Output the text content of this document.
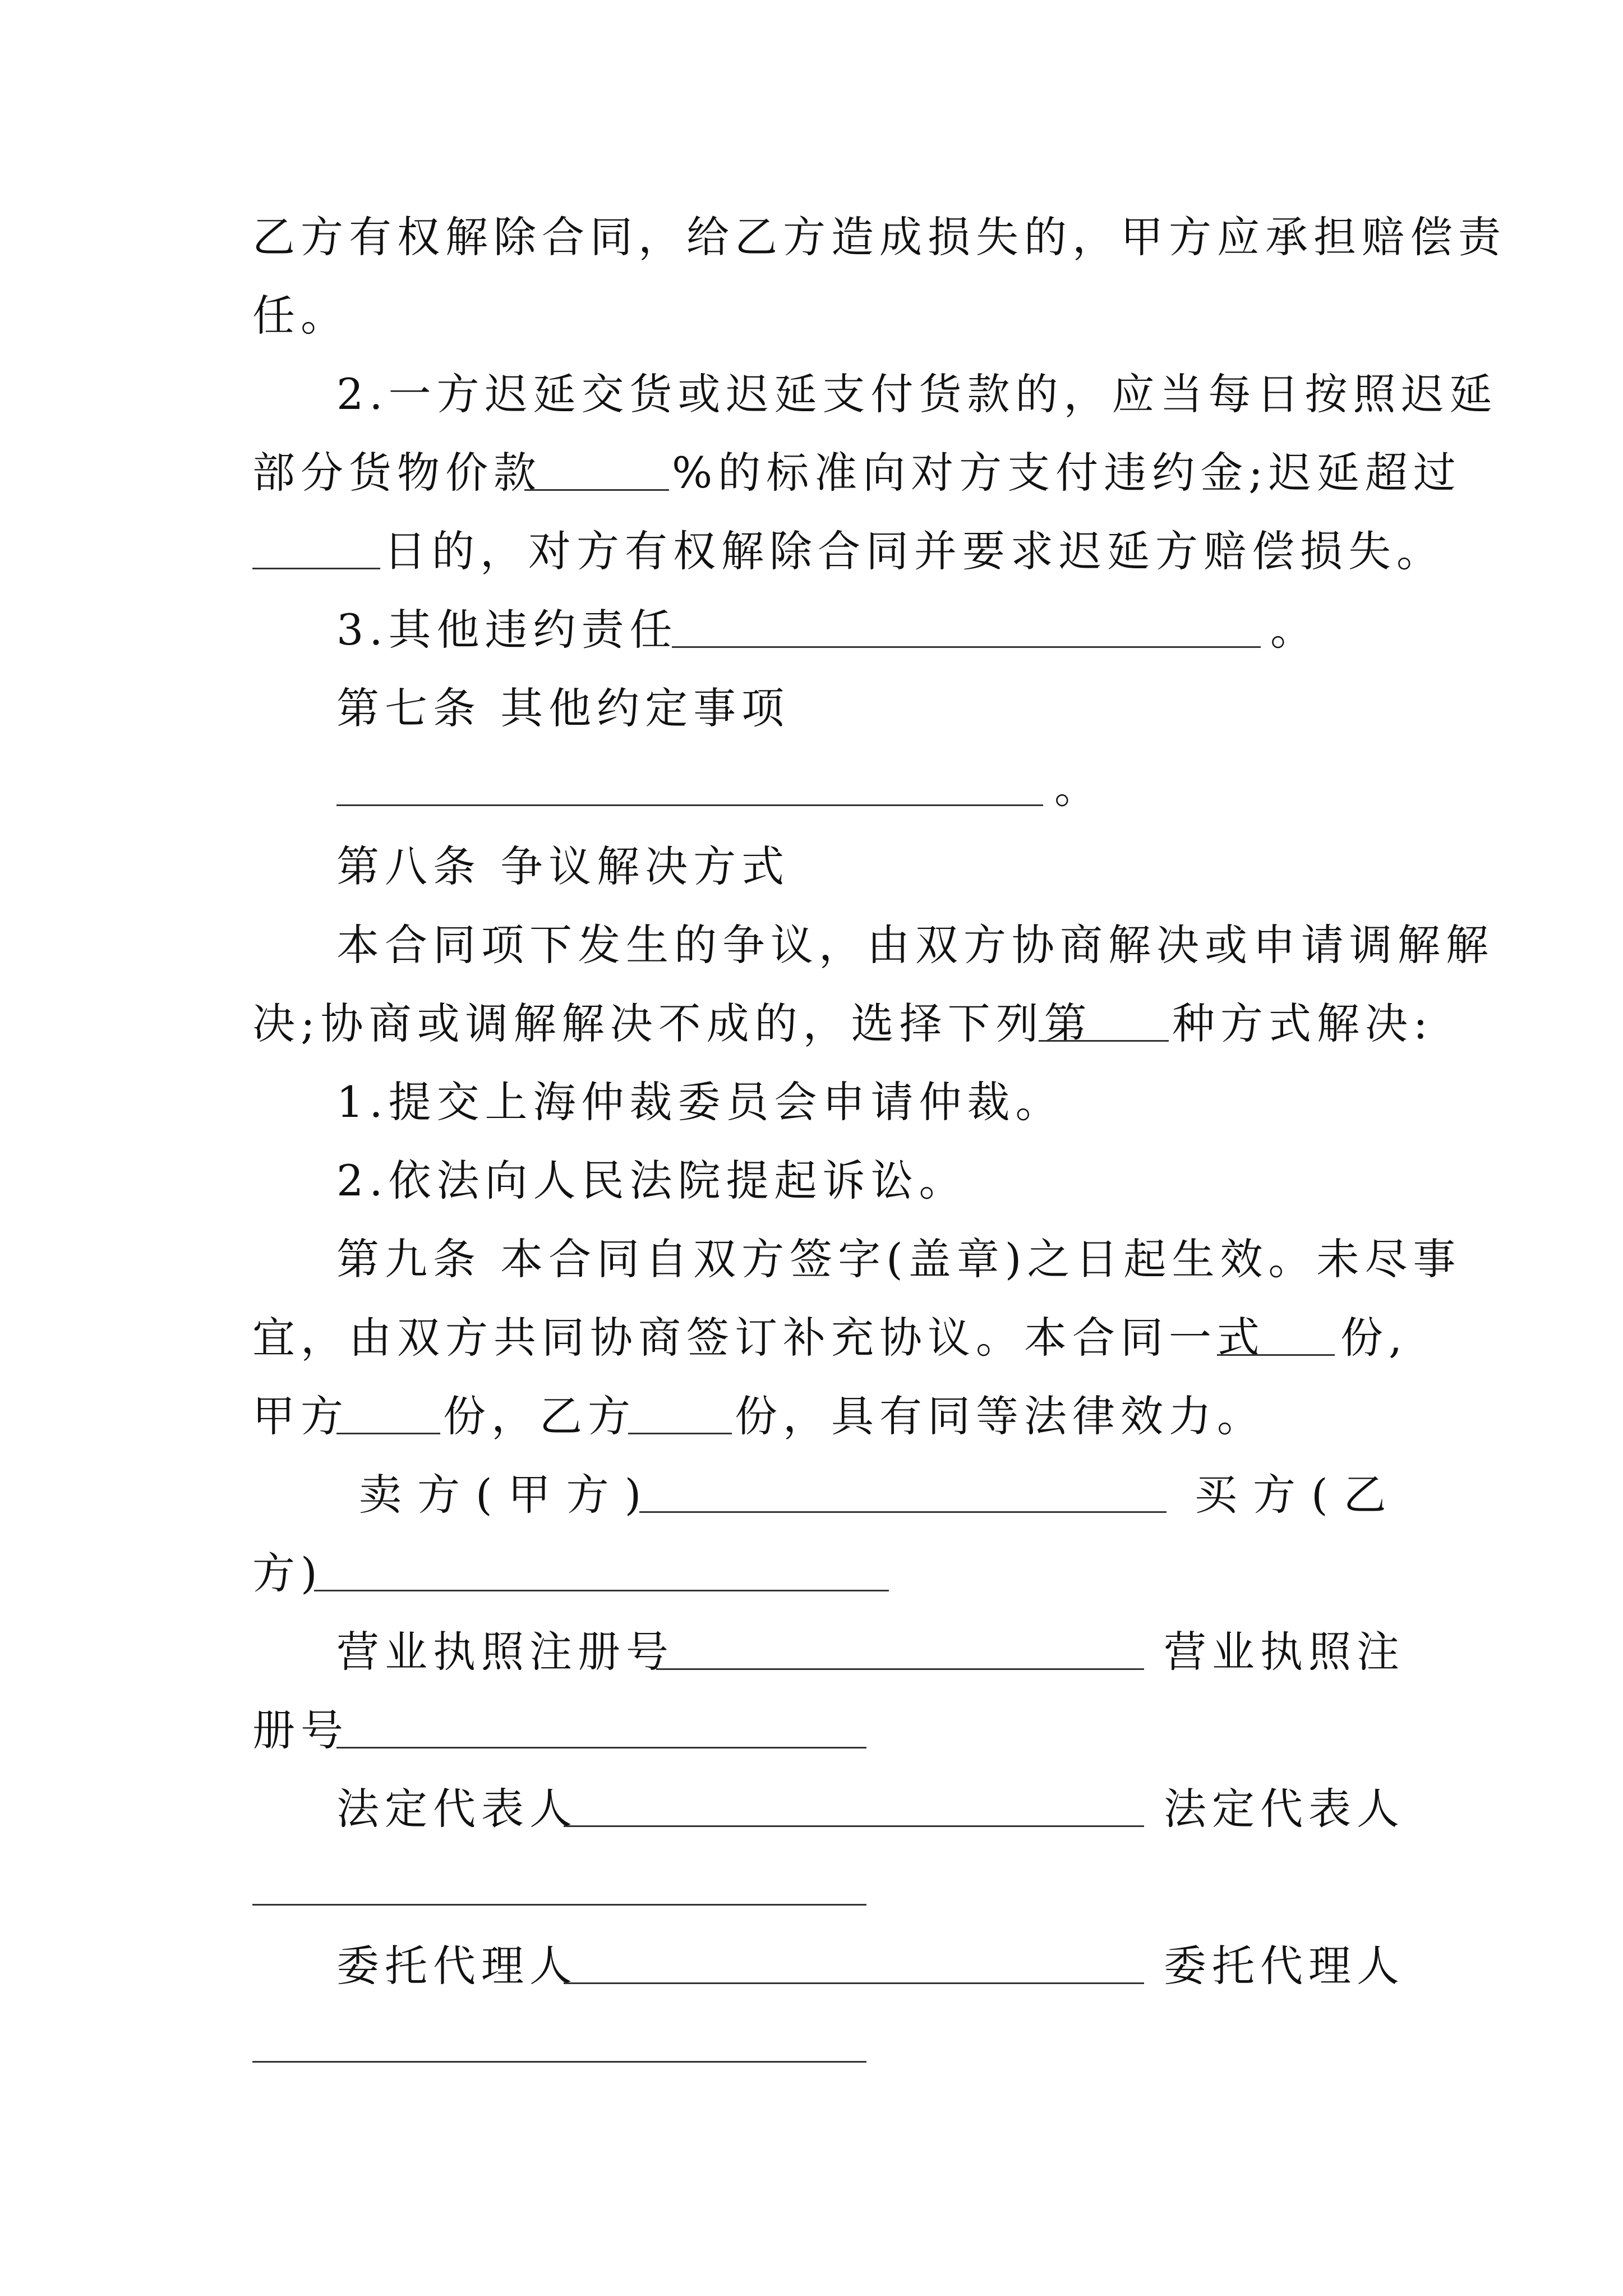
乙方有权解除合同，给乙方造成损失的，甲方应承担赔偿责
任。
2.一方迟延交货或迟延支付货款的，应当每日按照迟延
部分货物价款	%的标准向对方支付违约金;迟延超过
日的，对方有权解除合同并要求迟延方赔偿损失。
3.其他违约责任	。
第七条 其他约定事项
。
第八条 争议解决方式
本合同项下发生的争议，由双方协商解决或申请调解解
决;协商或调解解决不成的，选择下列第 种方式解决:
1.提交上海仲裁委员会申请仲裁。
2.依法向人民法院提起诉讼。
第九条 本合同自双方签字(盖章)之日起生效。未尽事
宜，由双方共同协商签订补充协议。本合同一式 份,
甲方 份，乙方 份，具有同等法律效力。
卖方(甲方)	买方(乙
方)
营业执照注册号	营业执照注
册号
法定代表人	法定代表人
委托代理人	委托代理人
